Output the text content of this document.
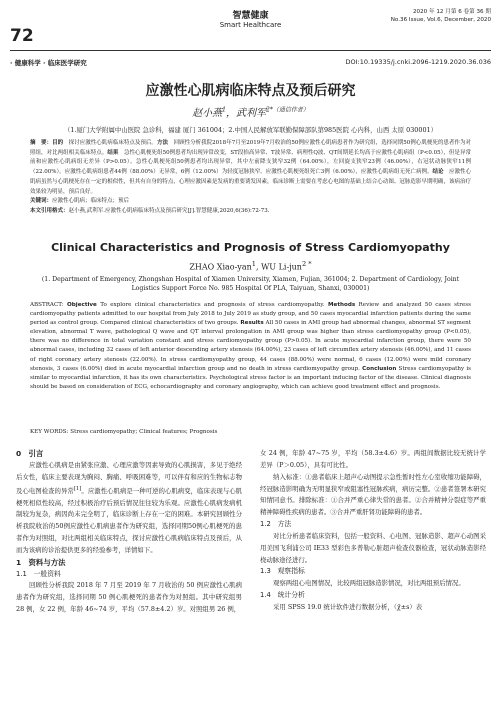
72
智慧健康
Smart Healthcare
2020 年 12 月第 6 卷第 36 期
No.36 Issue, Vol.6, December, 2020
· 健康科学 · 临床医学研究	DOI:10.19335/j.cnki.2096-1219.2020.36.036
应激性心肌病临床特点及预后研究
赵小燕$^1$，武利军$^{2*(通信作者)}$
（1.厦门大学附属中山医院 急诊科，福建 厦门 361004；2.中国人民解放军联勤保障部队第985医院 心内科，山西 太原 030001）

摘　要：目的　 探讨应激性心肌病临床特点及预后。方法　 回顾性分析我院2018年7月至2019年7月收治的50例应激性心肌病患者作为研究组，选择同期50例心肌梗死的患者作为对照组，对比两组相关临床特点。结果　 急性心肌梗死组50例患者均出现异常改变，ST段抬高异常、T波异常、病理性Q波、QT间期延长均高于应激性心肌病组（P<0.05），但是异常前和应激性心肌病组无差异（P>0.05）。急性心肌梗死组50例患者均出现异常，其中左前降支狭窄32例（64.00%），左回旋支狭窄23例（46.00%），右冠状动脉狭窄11例（22.00%）。应激性心肌病组患者44例（88.00%）无异常，6例（12.00%）为轻度冠脉狭窄。应激性心肌梗死组死亡3例（6.00%），应激性心肌病组无死亡病例。结论　 应激性心肌病虽然与心肌梗死存在一定的相似性，但其有自身的特点，心理应激因素是发病的重要诱发因素，临床诊断上需要在考虑心电图的基础上结合心动图、冠脉造影早期明确，该病治疗效果较为明显，预后良好。

关键词：应激性心肌病；临床特点；预后

本文引用格式：赵小燕,武利军.应激性心肌病临床特点及预后研究[J].智慧健康,2020,6(36):72-73.

Clinical Characteristics and Prognosis of Stress Cardiomyopathy
ZHAO Xiao-yan$^1$, WU Li-jun$^{2 *}$
(1. Department of Emergency, Zhongshan Hospital of Xiamen University, Xiamen, Fujian, 361004; 2. Department of Cardiology, Joint Logistics Support Force No. 985 Hospital Of PLA, Taiyuan, Shanxi, 030001)

ABSTRACT: Objective To explore clinical characteristics and prognosis of stress cardiomyopathy. Methods Review and analyzed 50 cases stress cardiomyopathy patients admitted to our hospital from July 2018 to July 2019 as study group, and 50 cases myocardial infarction patients during the same period as control group. Compared clinical characteristics of two groups. Results All 50 cases in AMI group had abnormal changes, abnormal ST segment elevation, abnormal T wave, pathological Q wave and QT interval prolongation in AMI group was higher than stress cardiomyopathy group (P<0.05), there was no difference in total variation constant and stress cardiomyopathy group (P>0.05). In acute myocardial infarction group, there were 50 abnormal cases, including 32 cases of left anterior descending artery stenosis (64.00%), 23 cases of left circumflex artery stenosis (46.00%), and 11 cases of right coronary artery stenosis (22.00%). In stress cardiomyopathy group, 44 cases (88.00%) were normal, 6 cases (12.00%) were mild coronary stenosis, 3 cases (6.00%) died in acute myocardial infarction group and no death in stress cardiomyopathy group. Conclusion Stress cardiomyopathy is similar to myocardial infarction, it has its own characteristics. Psychological stress factor is an important inducing factor of the disease. Clinical diagnosis should be based on consideration of ECG, echocardiography and coronary angiography, which can achieve good treatment effect and prognosis.

KEY WORDS: Stress cardiomyopathy; Clinical features; Prognosis
0　引言

应激性心肌病是由紧张应激、心理应激等因素导致的心肌损害，多见于绝经后女性，临床主要表现为胸闷、胸痛、呼吸困难等，可以伴有和应的生物标志物及心电图检查的异常[1]。应激性心肌病是一种可逆的心肌病变，临床表现与心肌梗死相似性较高，经过积极治疗后预后情况往往较为乐观。应激性心肌病发病机制较为复杂，病因尚未完全明了，临床诊断上存在一定的困难。本研究回顾性分析我院收治的50例应激性心肌病患者作为研究组，选择同期50例心肌梗死的患者作为对照组，对比两组相关临床特点，探讨应激性心肌病临床特点及预后，从而为该病的诊治提供更多的经验参考，详情如下。

1　资料与方法
1.1　一般资料

回顾性分析我院 2018 年 7 月至 2019 年 7 月收治的 50 例应激性心肌病患者作为研究组，选择同期 50 例心肌梗死的患者作为对照组。其中研究组男 28 例，女 22 例，年龄 46~74 岁，平均（57.8±4.2）岁。对照组男 26 例，

女 24 例，年龄 47~75 岁，平均（58.3±4.6）岁。两组间数据比较无统计学差异（P＞0.05），具有可比性。

纳入标准：①患者临床上超声心动图提示急性暂时性左心室收缩功能障碍，经冠脉造影明确为无明显狭窄或阻塞性冠脉疾病，病历完整。②患者签署本研究知情同意书。排除标准：①合并严重心律失常的患者。②合并精神分裂症等严重精神障碍性疾病的患者。③合并严重肝肾功能障碍的患者。

1.2　方法

对比分析患者临床资料，包括一般资料、心电图、冠脉造影、超声心动图采用美国飞利浦公司 IE33 型彩色多普勒心脏超声检查仪器检查，冠状动脉造影经桡动脉途径进行。

1.3　观察指标

观察两组心电图情况，比较两组冠脉造影情况，对比两组预后情况。

1.4　统计分析

采用 SPSS 19.0 统计软件进行数据分析，（χ̄±s）表
